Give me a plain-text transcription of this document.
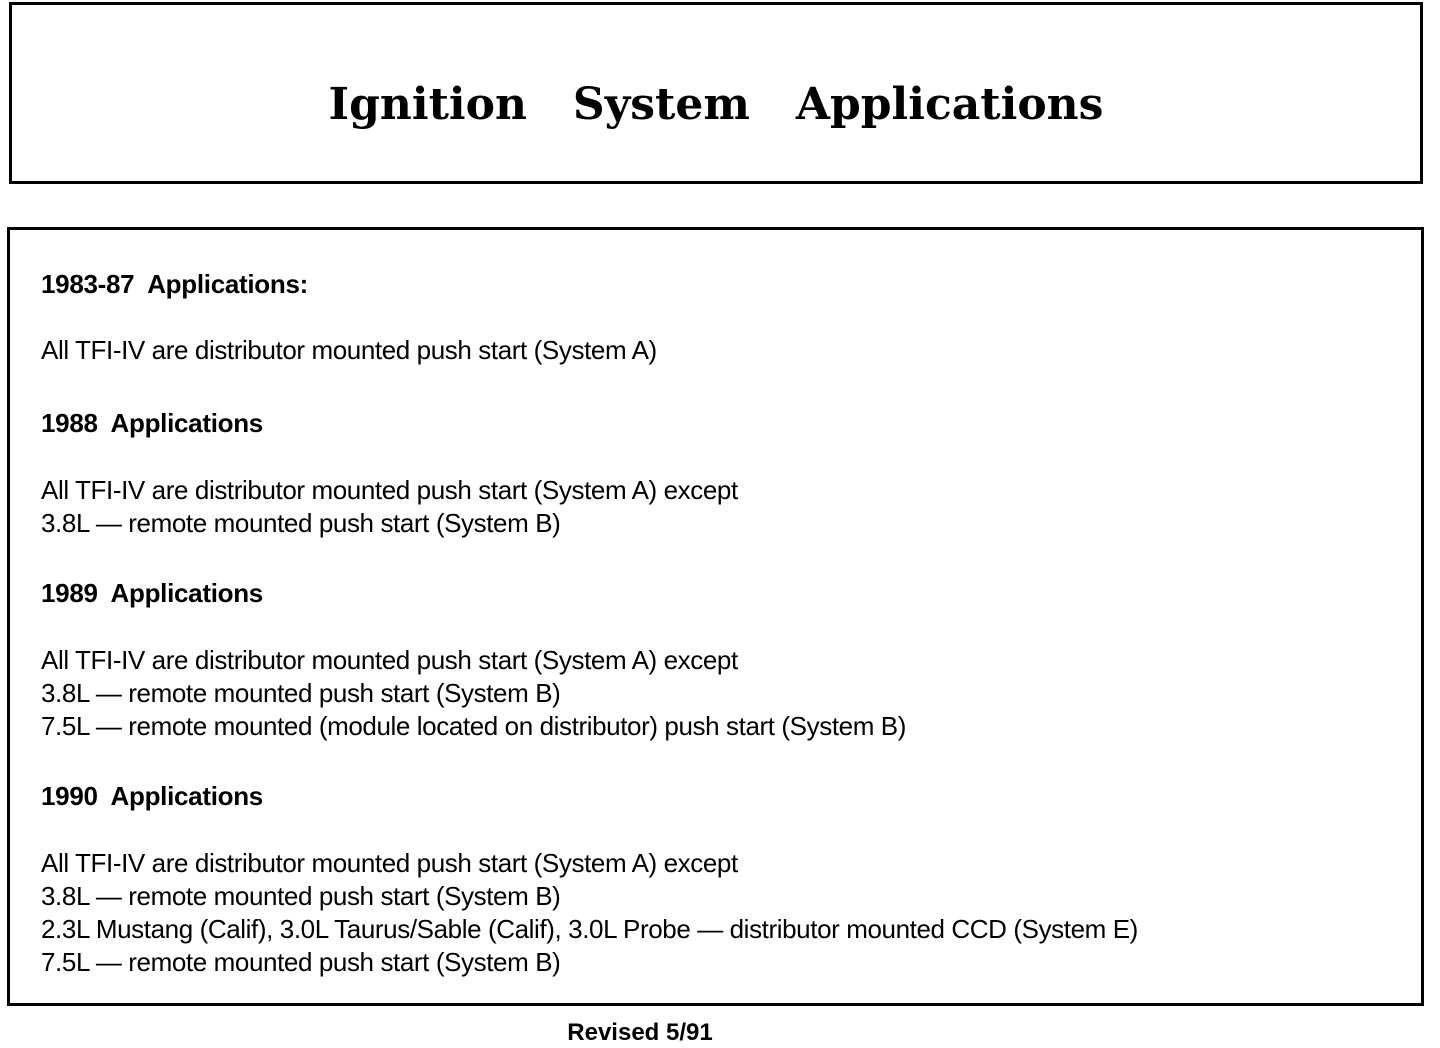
Ignition   System   Applications

1983-87  Applications:

All TFI-IV are distributor mounted push start (System A)

1988  Applications

All TFI-IV are distributor mounted push start (System A) except
3.8L — remote mounted push start (System B)

1989  Applications

All TFI-IV are distributor mounted push start (System A) except
3.8L — remote mounted push start (System B)
7.5L — remote mounted (module located on distributor) push start (System B)

1990  Applications

All TFI-IV are distributor mounted push start (System A) except
3.8L — remote mounted push start (System B)
2.3L Mustang (Calif), 3.0L Taurus/Sable (Calif), 3.0L Probe — distributor mounted CCD (System E)
7.5L — remote mounted push start (System B)
Revised 5/91
